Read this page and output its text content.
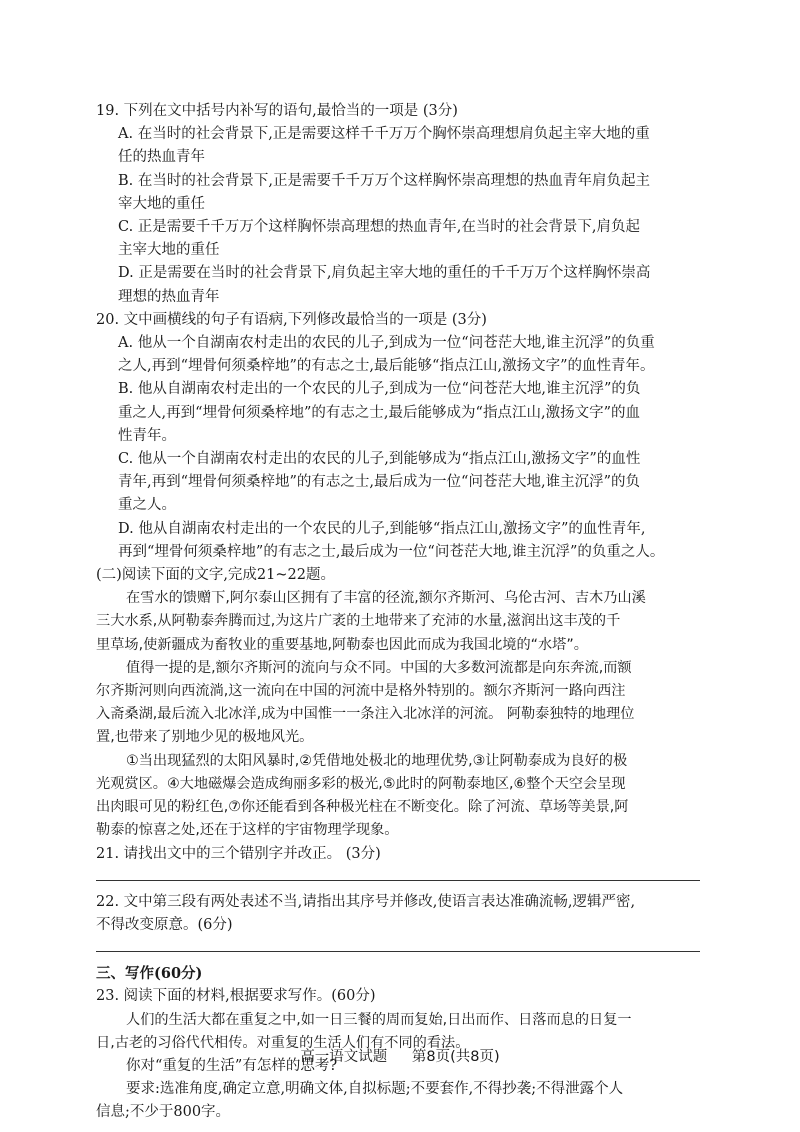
19. 下列在文中括号内补写的语句,最恰当的一项是 (3分)
A. 在当时的社会背景下,正是需要这样千千万万个胸怀崇高理想肩负起主宰大地的重
任的热血青年
B. 在当时的社会背景下,正是需要千千万万个这样胸怀崇高理想的热血青年肩负起主
宰大地的重任
C. 正是需要千千万万个这样胸怀崇高理想的热血青年,在当时的社会背景下,肩负起
主宰大地的重任
D. 正是需要在当时的社会背景下,肩负起主宰大地的重任的千千万万个这样胸怀崇高
理想的热血青年
20. 文中画横线的句子有语病,下列修改最恰当的一项是 (3分)
A. 他从一个自湖南农村走出的农民的儿子,到成为一位“问苍茫大地,谁主沉浮”的负重
之人,再到“埋骨何须桑梓地”的有志之士,最后能够“指点江山,激扬文字”的血性青年。
B. 他从自湖南农村走出的一个农民的儿子,到成为一位“问苍茫大地,谁主沉浮”的负
重之人,再到“埋骨何须桑梓地”的有志之士,最后能够成为“指点江山,激扬文字”的血
性青年。
C. 他从一个自湖南农村走出的农民的儿子,到能够成为“指点江山,激扬文字”的血性
青年,再到“埋骨何须桑梓地”的有志之士,最后成为一位“问苍茫大地,谁主沉浮”的负
重之人。
D. 他从自湖南农村走出的一个农民的儿子,到能够“指点江山,激扬文字”的血性青年,
再到“埋骨何须桑梓地”的有志之士,最后成为一位“问苍茫大地,谁主沉浮”的负重之人。
(二)阅读下面的文字,完成21~22题。
在雪水的馈赠下,阿尔泰山区拥有了丰富的径流,额尔齐斯河、乌伦古河、吉木乃山溪
三大水系,从阿勒泰奔腾而过,为这片广袤的土地带来了充沛的水量,滋润出这丰茂的千
里草场,使新疆成为畜牧业的重要基地,阿勒泰也因此而成为我国北境的“水塔”。
值得一提的是,额尔齐斯河的流向与众不同。中国的大多数河流都是向东奔流,而额
尔齐斯河则向西流淌,这一流向在中国的河流中是格外特别的。额尔齐斯河一路向西注
入斋桑湖,最后流入北冰洋,成为中国惟一一条注入北冰洋的河流。 阿勒泰独特的地理位
置,也带来了别地少见的极地风光。
①当出现猛烈的太阳风暴时,②凭借地处极北的地理优势,③让阿勒泰成为良好的极
光观赏区。④大地磁爆会造成绚丽多彩的极光,⑤此时的阿勒泰地区,⑥整个天空会呈现
出肉眼可见的粉红色,⑦你还能看到各种极光柱在不断变化。除了河流、草场等美景,阿
勒泰的惊喜之处,还在于这样的宇宙物理学现象。
21. 请找出文中的三个错别字并改正。 (3分)
22. 文中第三段有两处表述不当,请指出其序号并修改,使语言表达准确流畅,逻辑严密,
不得改变原意。(6分)
三、写作(60分)
23. 阅读下面的材料,根据要求写作。(60分)
人们的生活大都在重复之中,如一日三餐的周而复始,日出而作、日落而息的日复一
日,古老的习俗代代相传。对重复的生活人们有不同的看法。
你对“重复的生活”有怎样的思考?
要求:选准角度,确定立意,明确文体,自拟标题;不要套作,不得抄袭;不得泄露个人
信息;不少于800字。
高一语文试题 第8页(共8页)
